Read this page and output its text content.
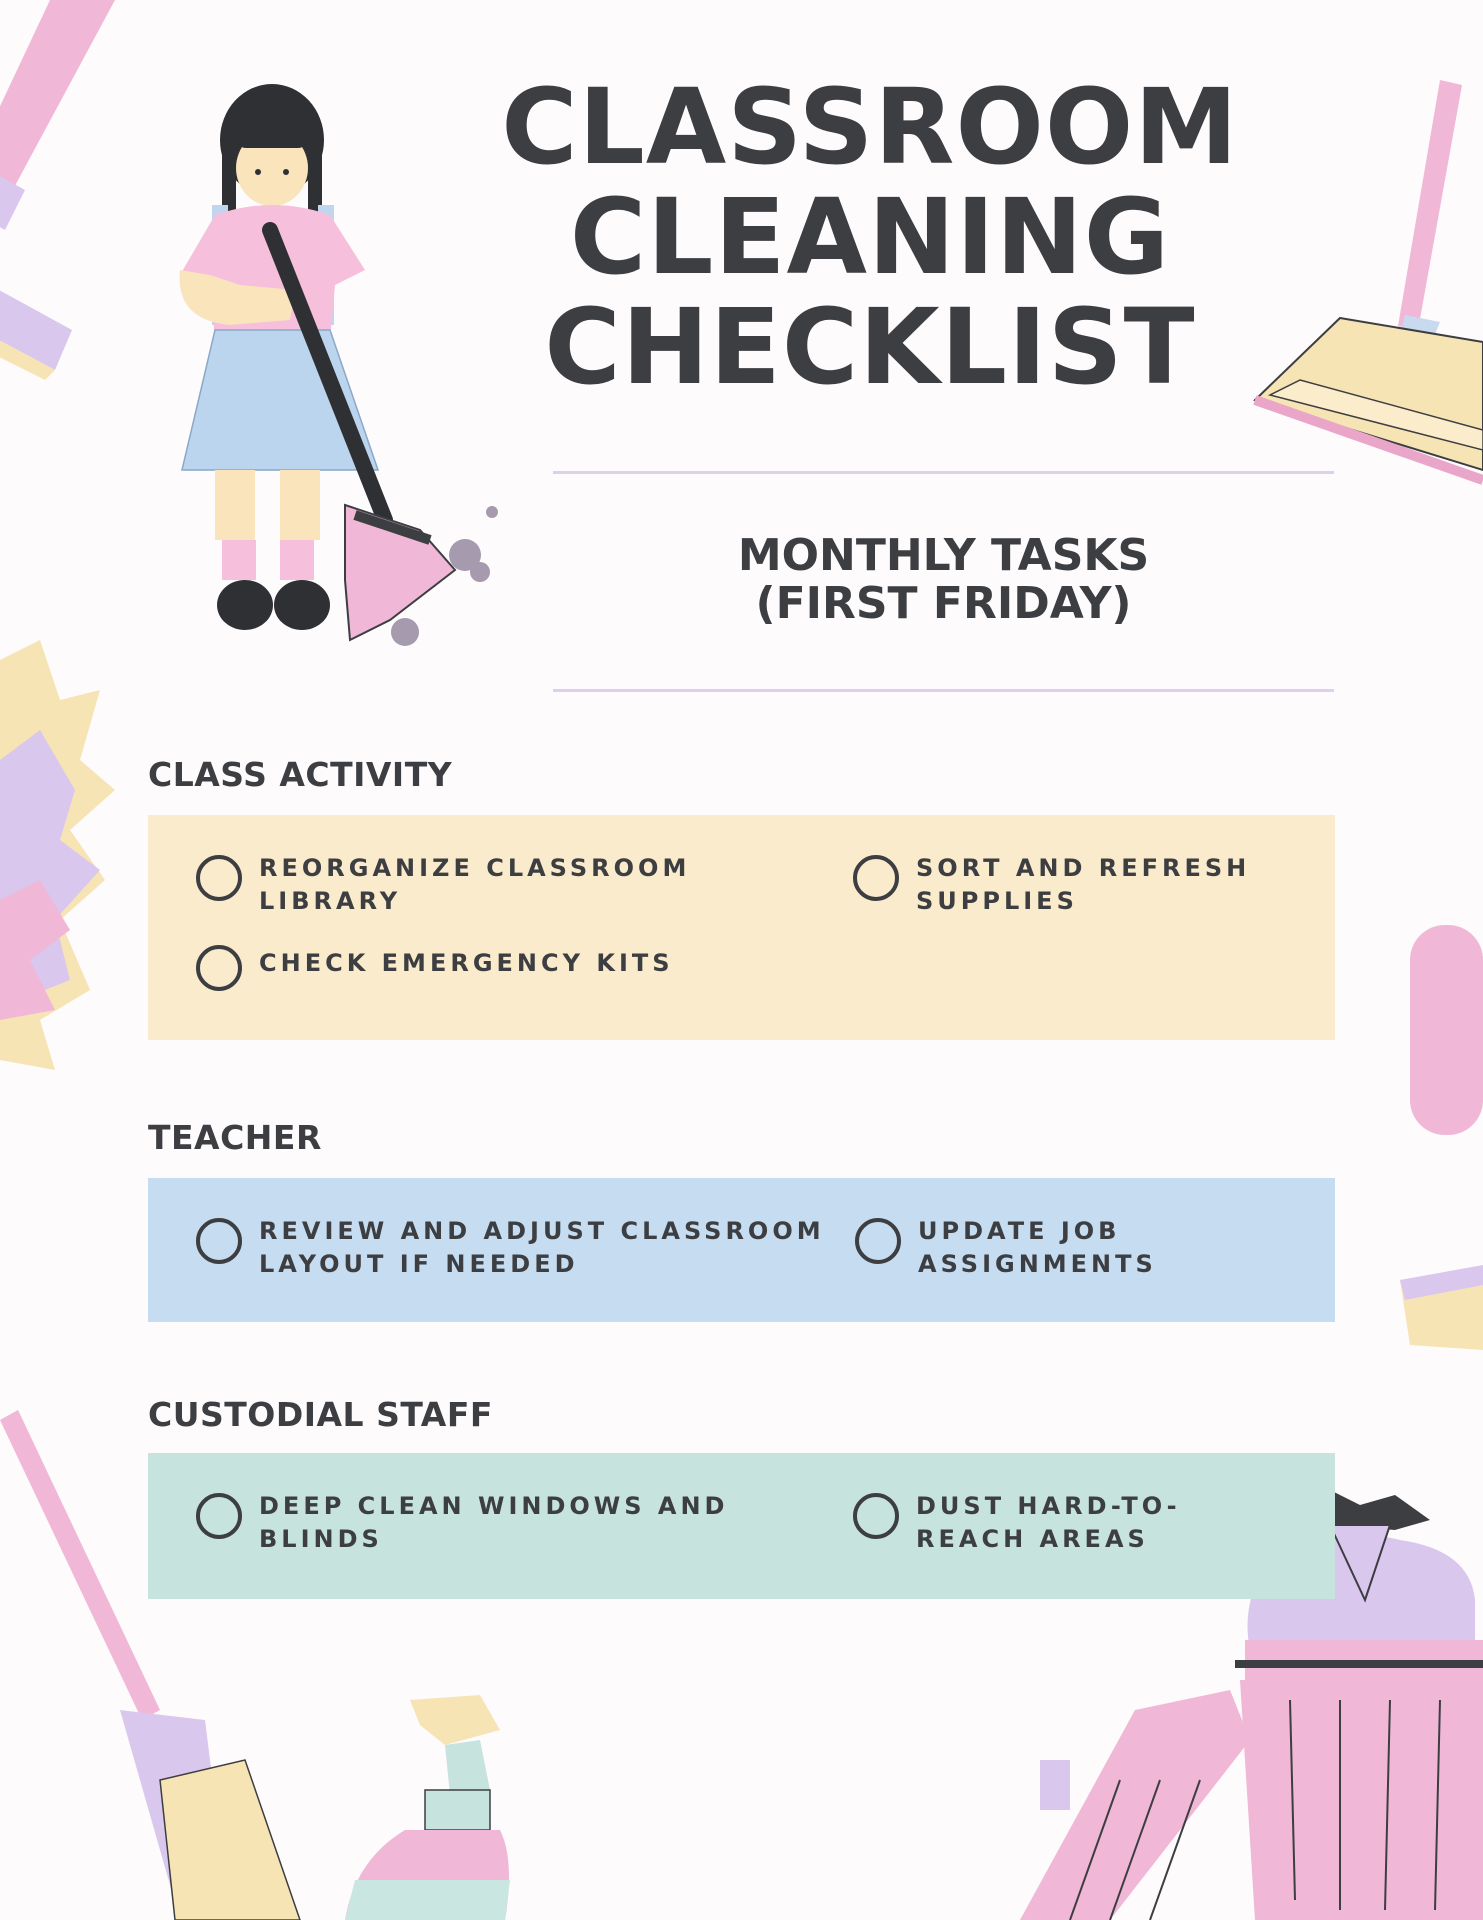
CLASSROOM
CLEANING
CHECKLIST
MONTHLY TASKS
(FIRST FRIDAY)
CLASS ACTIVITY
REORGANIZE CLASSROOM LIBRARY
SORT AND REFRESH SUPPLIES
CHECK EMERGENCY KITS
TEACHER
REVIEW AND ADJUST CLASSROOM LAYOUT IF NEEDED
UPDATE JOB ASSIGNMENTS
CUSTODIAL STAFF
DEEP CLEAN WINDOWS AND BLINDS
DUST HARD-TO-REACH AREAS
